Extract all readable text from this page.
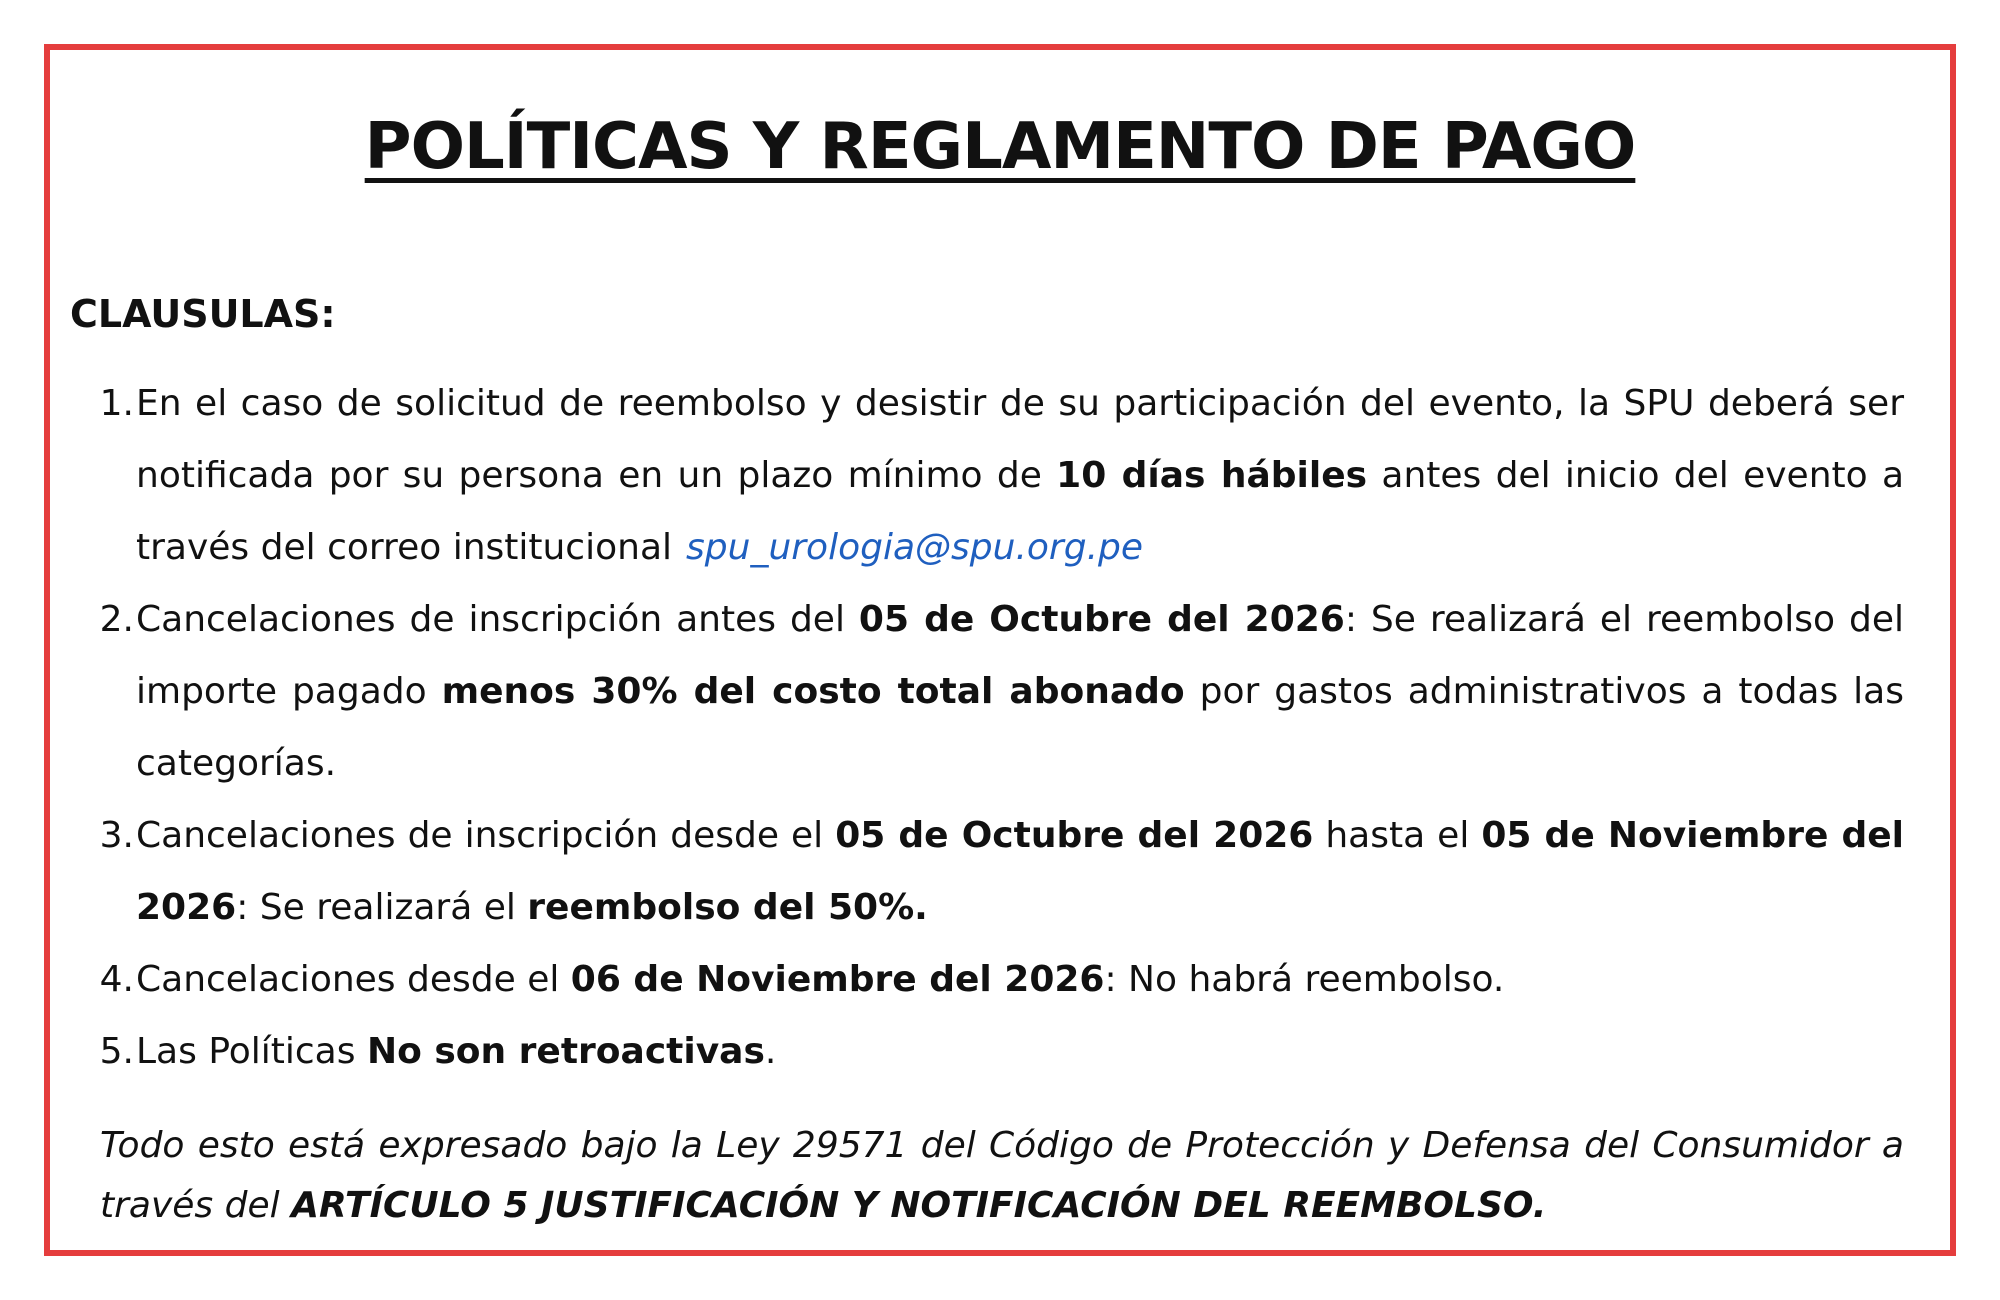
POLÍTICAS Y REGLAMENTO DE PAGO
CLAUSULAS:
1. En el caso de solicitud de reembolso y desistir de su participación del evento, la SPU deberá ser notificada por su persona en un plazo mínimo de 10 días hábiles antes del inicio del evento a través del correo institucional spu_urologia@spu.org.pe
2. Cancelaciones de inscripción antes del 05 de Octubre del 2026: Se realizará el reembolso del importe pagado menos 30% del costo total abonado por gastos administrativos a todas las categorías.
3. Cancelaciones de inscripción desde el 05 de Octubre del 2026 hasta el 05 de Noviembre del 2026: Se realizará el reembolso del 50%.
4. Cancelaciones desde el 06 de Noviembre del 2026: No habrá reembolso.
5. Las Políticas No son retroactivas.

Todo esto está expresado bajo la Ley 29571 del Código de Protección y Defensa del Consumidor a través del ARTÍCULO 5 JUSTIFICACIÓN Y NOTIFICACIÓN DEL REEMBOLSO.
